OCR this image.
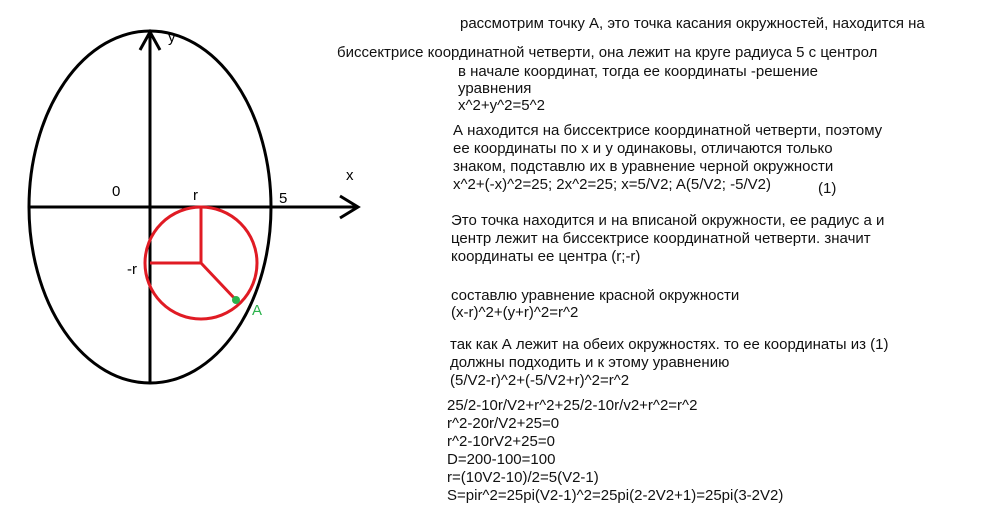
y
x
0	r	5
-r
A
рассмотрим точку А, это точка касания окружностей, находится на
биссектрисе координатной четверти, она лежит на круге радиуса 5 с центрол
в начале координат, тогда ее координаты -решение
уравнения
x^2+y^2=5^2
А находится на биссектрисе координатной четверти, поэтому
ее координаты по х и у одинаковы, отличаются только
знаком, подставлю их в уравнение черной окружности
x^2+(-x)^2=25; 2x^2=25; x=5/V2; A(5/V2; -5/V2)	(1)
Это точка находится и на вписаной окружности, ее радиус а и
центр лежит на биссектрисе координатной четверти. значит
координаты ее центра (r;-r)
составлю уравнение красной окружности
(x-r)^2+(y+r)^2=r^2
так как А лежит на обеих окружностях. то ее координаты из (1)
должны подходить и к этому уравнению
(5/V2-r)^2+(-5/V2+r)^2=r^2
25/2-10r/V2+r^2+25/2-10r/v2+r^2=r^2
r^2-20r/V2+25=0
r^2-10rV2+25=0
D=200-100=100
r=(10V2-10)/2=5(V2-1)
S=pir^2=25pi(V2-1)^2=25pi(2-2V2+1)=25pi(3-2V2)
